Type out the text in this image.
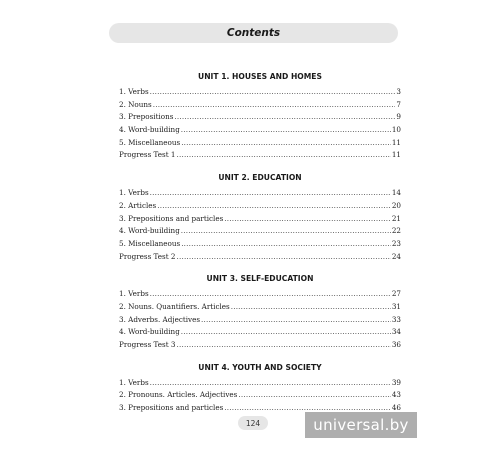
Contents
UNIT 1. HOUSES AND HOMES
1. Verbs .....	3
2. Nouns .....	7
3. Prepositions .....	9
4. Word-building .....	10
5. Miscellaneous .....	11
Progress Test 1 .....	11
UNIT 2. EDUCATION
1. Verbs .....	14
2. Articles .....	20
3. Prepositions and particles .....	21
4. Word-building .....	22
5. Miscellaneous .....	23
Progress Test 2 .....	24
UNIT 3. SELF-EDUCATION
1. Verbs .....	27
2. Nouns. Quantifiers. Articles .....	31
3. Adverbs. Adjectives .....	33
4. Word-building .....	34
Progress Test 3 .....	36
UNIT 4. YOUTH AND SOCIETY
1. Verbs .....	39
2. Pronouns. Articles. Adjectives .....	43
3. Prepositions and particles .....	46
124	universal.by
